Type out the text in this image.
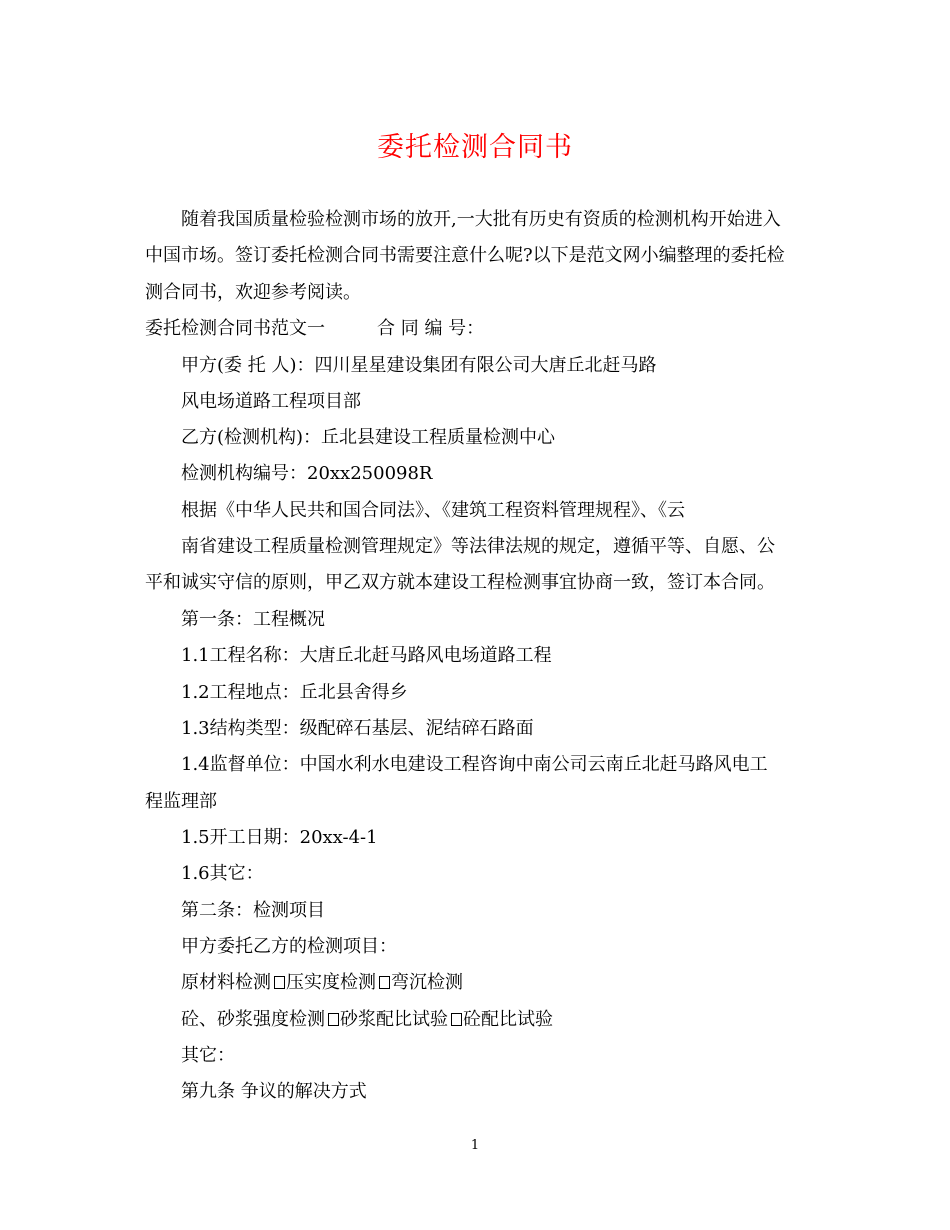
委托检测合同书
随着我国质量检验检测市场的放开,一大批有历史有资质的检测机构开始进入
中国市场。签订委托检测合同书需要注意什么呢?以下是范文网小编整理的委托检
测合同书，欢迎参考阅读。
委托检测合同书范文一	合 同 编 号：
甲方(委 托 人)：四川星星建设集团有限公司大唐丘北赶马路
风电场道路工程项目部
乙方(检测机构)：丘北县建设工程质量检测中心
检测机构编号：20xx250098R
根据《中华人民共和国合同法》、《建筑工程资料管理规程》、《云
南省建设工程质量检测管理规定》等法律法规的规定，遵循平等、自愿、公
平和诚实守信的原则，甲乙双方就本建设工程检测事宜协商一致，签订本合同。
第一条：工程概况
1.1工程名称：大唐丘北赶马路风电场道路工程
1.2工程地点：丘北县舍得乡
1.3结构类型：级配碎石基层、泥结碎石路面
1.4监督单位：中国水利水电建设工程咨询中南公司云南丘北赶马路风电工
程监理部
1.5开工日期：20xx-4-1
1.6其它：
第二条：检测项目
甲方委托乙方的检测项目：
原材料检测 压实度检测 弯沉检测
砼、砂浆强度检测 砂浆配比试验 砼配比试验
其它：
第九条 争议的解决方式
1
